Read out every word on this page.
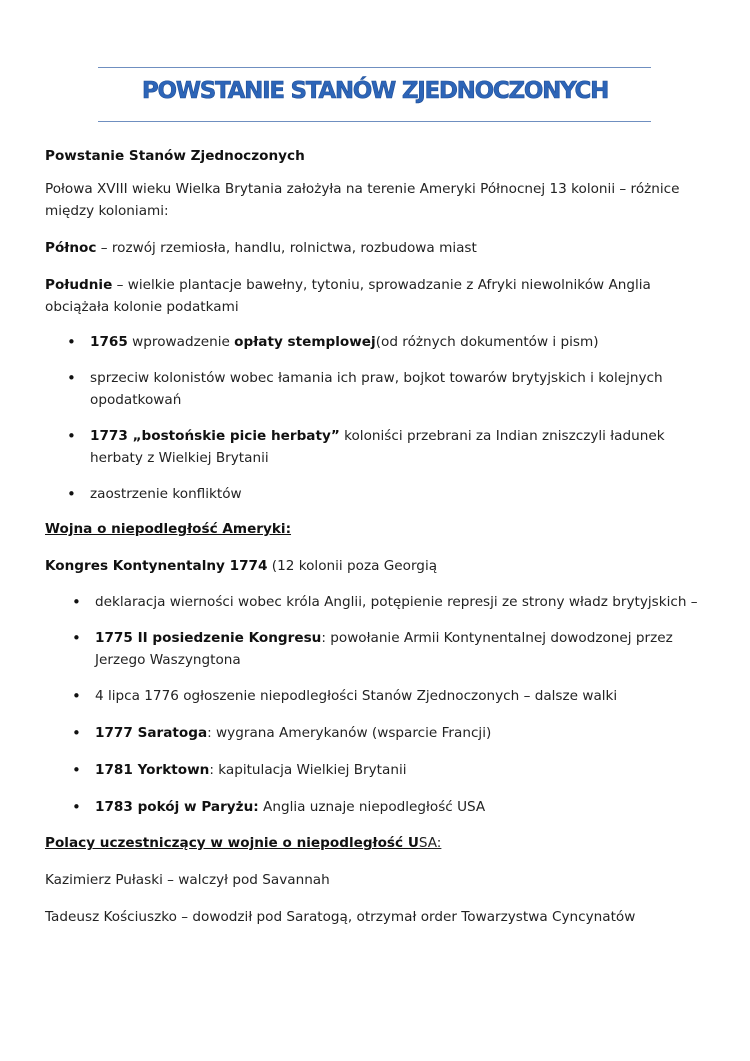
POWSTANIE STANÓW ZJEDNOCZONYCH

Powstanie Stanów Zjednoczonych

Połowa XVIII wieku Wielka Brytania założyła na terenie Ameryki Północnej 13 kolonii – różnice między koloniami:

Północ – rozwój rzemiosła, handlu, rolnictwa, rozbudowa miast

Południe – wielkie plantacje bawełny, tytoniu, sprowadzanie z Afryki niewolników Anglia obciążała kolonie podatkami

• 1765 wprowadzenie opłaty stemplowej(od różnych dokumentów i pism)
• sprzeciw kolonistów wobec łamania ich praw, bojkot towarów brytyjskich i kolejnych opodatkowań
• 1773 „bostońskie picie herbaty” koloniści przebrani za Indian zniszczyli ładunek herbaty z Wielkiej Brytanii
• zaostrzenie konfliktów

Wojna o niepodległość Ameryki:

Kongres Kontynentalny 1774 (12 kolonii poza Georgią

• deklaracja wierności wobec króla Anglii, potępienie represji ze strony władz brytyjskich –
• 1775 II posiedzenie Kongresu: powołanie Armii Kontynentalnej dowodzonej przez Jerzego Waszyngtona
• 4 lipca 1776 ogłoszenie niepodległości Stanów Zjednoczonych – dalsze walki
• 1777 Saratoga: wygrana Amerykanów (wsparcie Francji)
• 1781 Yorktown: kapitulacja Wielkiej Brytanii
• 1783 pokój w Paryżu: Anglia uznaje niepodległość USA

Polacy uczestniczący w wojnie o niepodległość USA:

Kazimierz Pułaski – walczył pod Savannah

Tadeusz Kościuszko – dowodził pod Saratogą, otrzymał order Towarzystwa Cyncynatów
